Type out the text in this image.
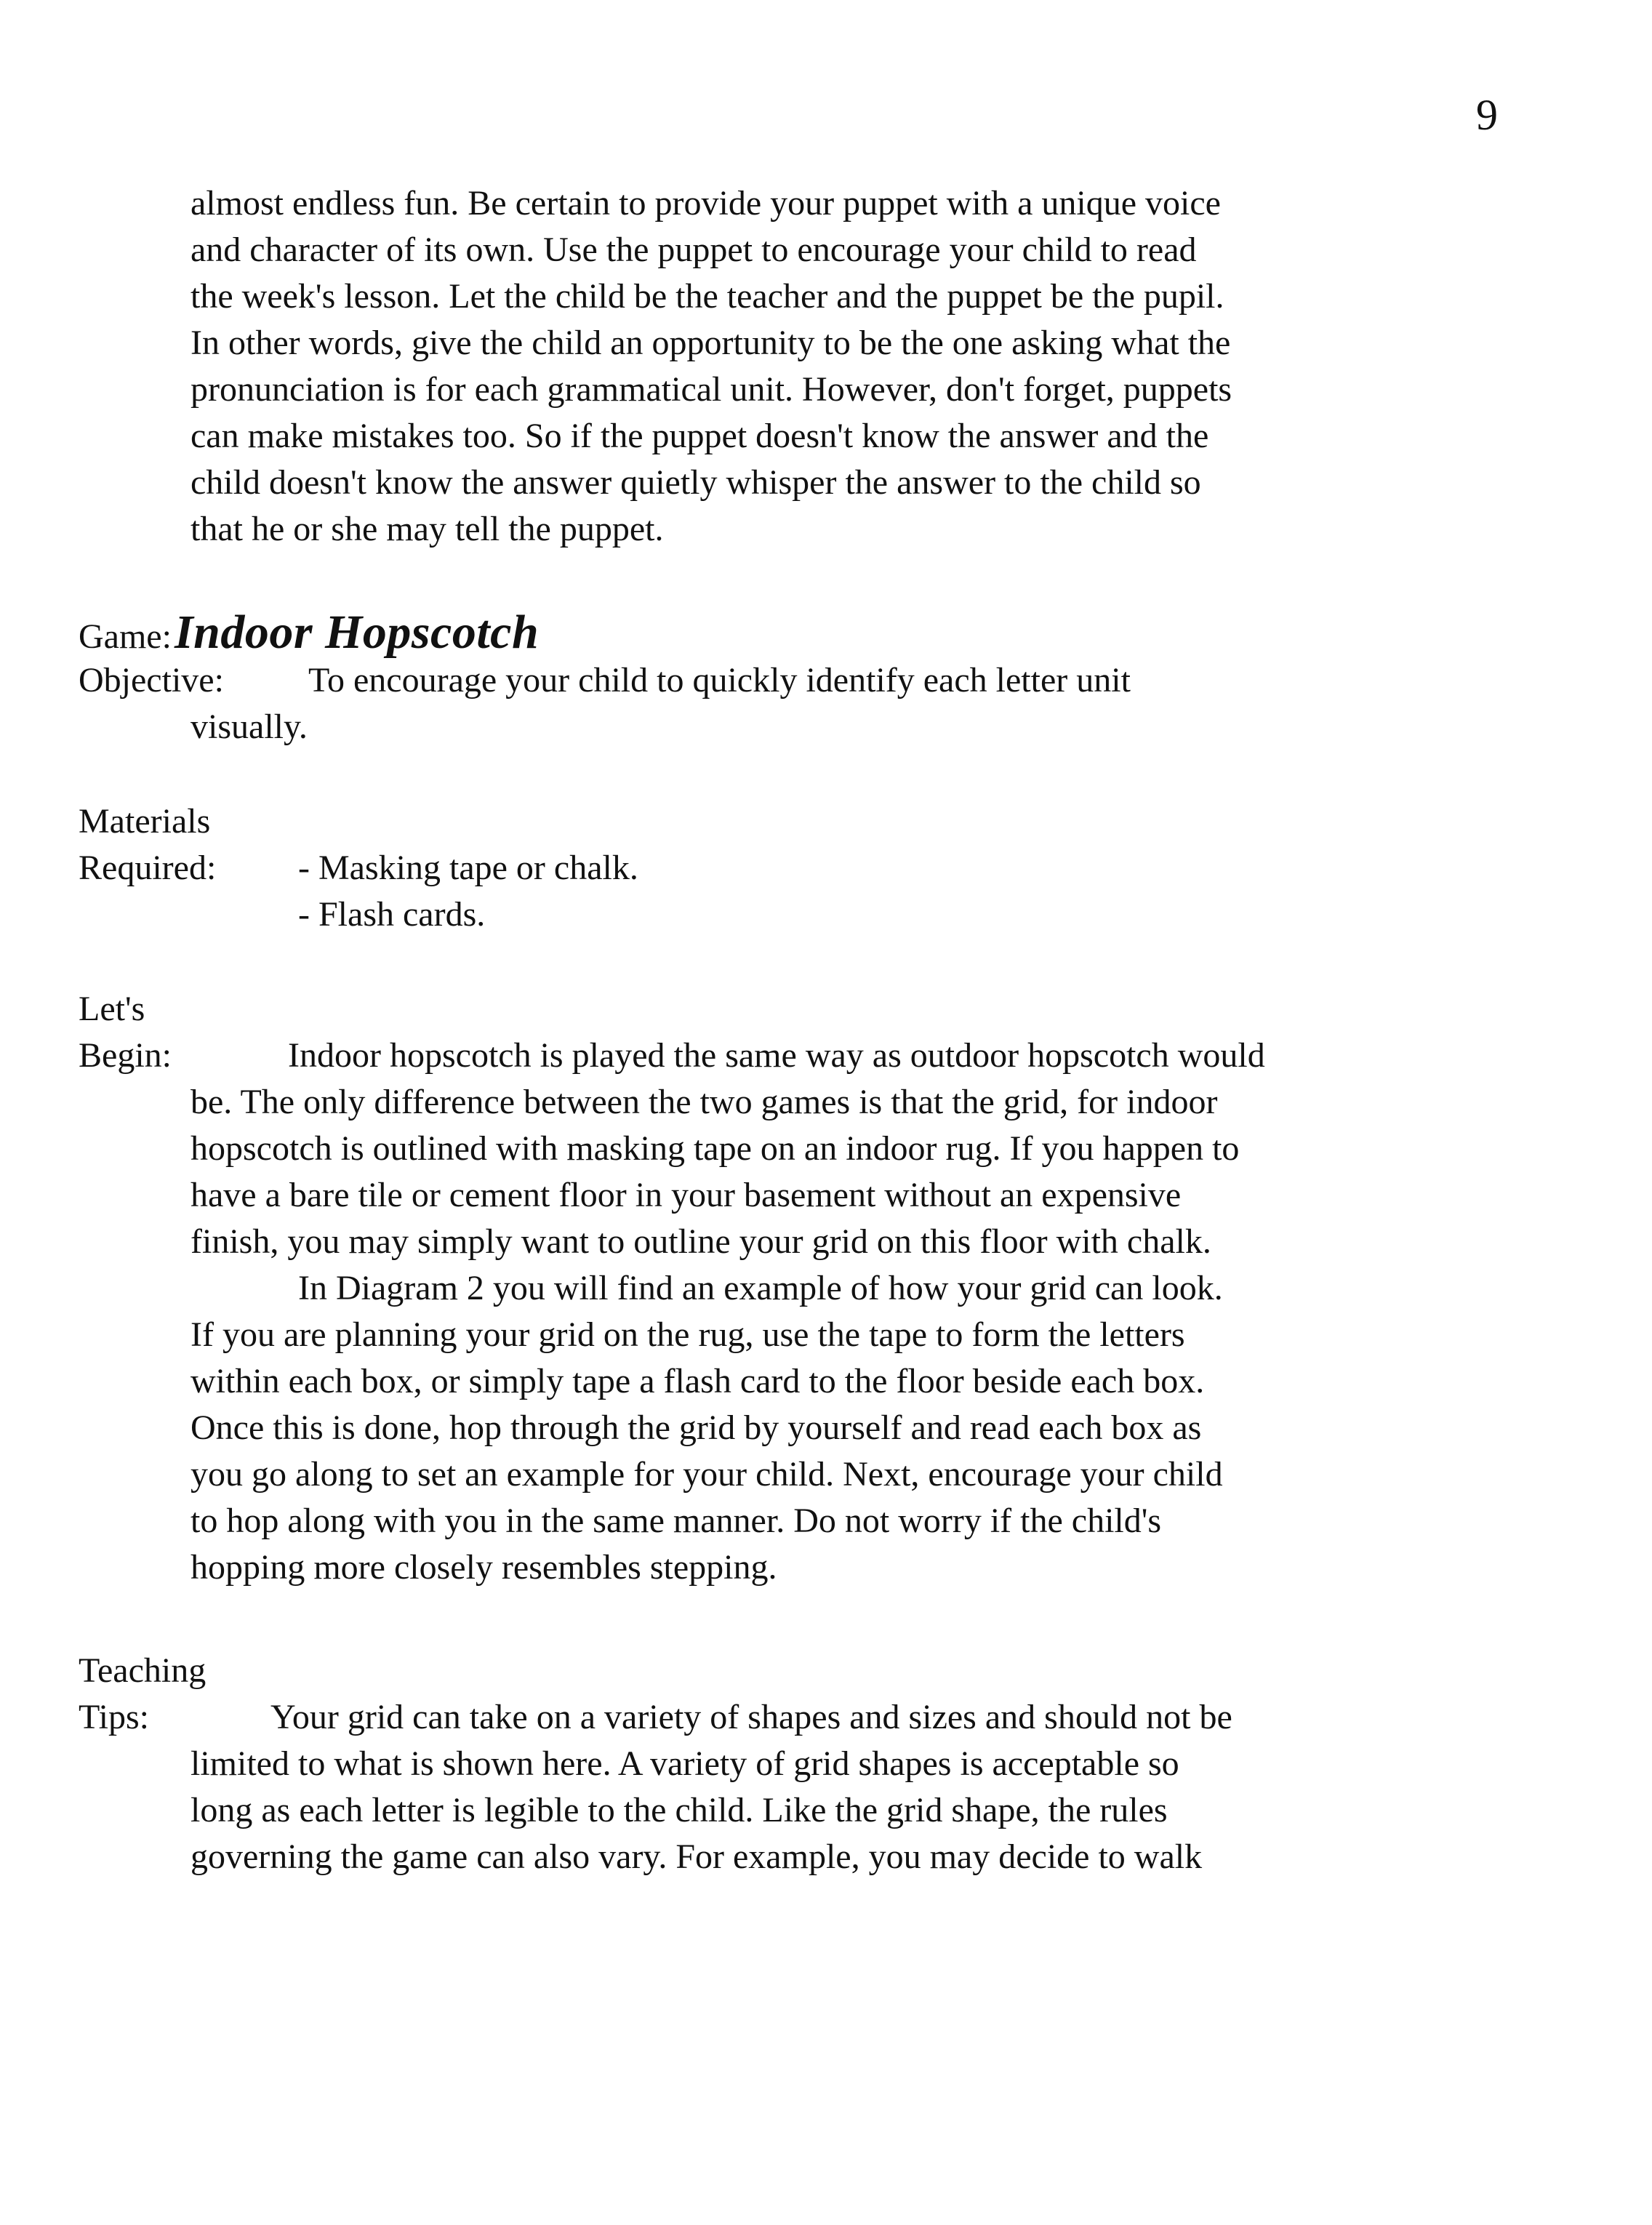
9
almost endless fun. Be certain to provide your puppet with a unique voice
and character of its own. Use the puppet to encourage your child to read
the week's lesson. Let the child be the teacher and the puppet be the pupil.
In other words, give the child an opportunity to be the one asking what the
pronunciation is for each grammatical unit. However, don't forget, puppets
can make mistakes too. So if the puppet doesn't know the answer and the
child doesn't know the answer quietly whisper the answer to the child so
that he or she may tell the puppet.
Game: Indoor Hopscotch
Objective: To encourage your child to quickly identify each letter unit
visually.
Materials
Required: - Masking tape or chalk.
- Flash cards.
Let's
Begin:	Indoor hopscotch is played the same way as outdoor hopscotch would
be. The only difference between the two games is that the grid, for indoor
hopscotch is outlined with masking tape on an indoor rug. If you happen to
have a bare tile or cement floor in your basement without an expensive
finish, you may simply want to outline your grid on this floor with chalk.
In Diagram 2 you will find an example of how your grid can look.
If you are planning your grid on the rug, use the tape to form the letters
within each box, or simply tape a flash card to the floor beside each box.
Once this is done, hop through the grid by yourself and read each box as
you go along to set an example for your child. Next, encourage your child
to hop along with you in the same manner. Do not worry if the child's
hopping more closely resembles stepping.
Teaching
Tips:	Your grid can take on a variety of shapes and sizes and should not be
limited to what is shown here. A variety of grid shapes is acceptable so
long as each letter is legible to the child. Like the grid shape, the rules
governing the game can also vary. For example, you may decide to walk
